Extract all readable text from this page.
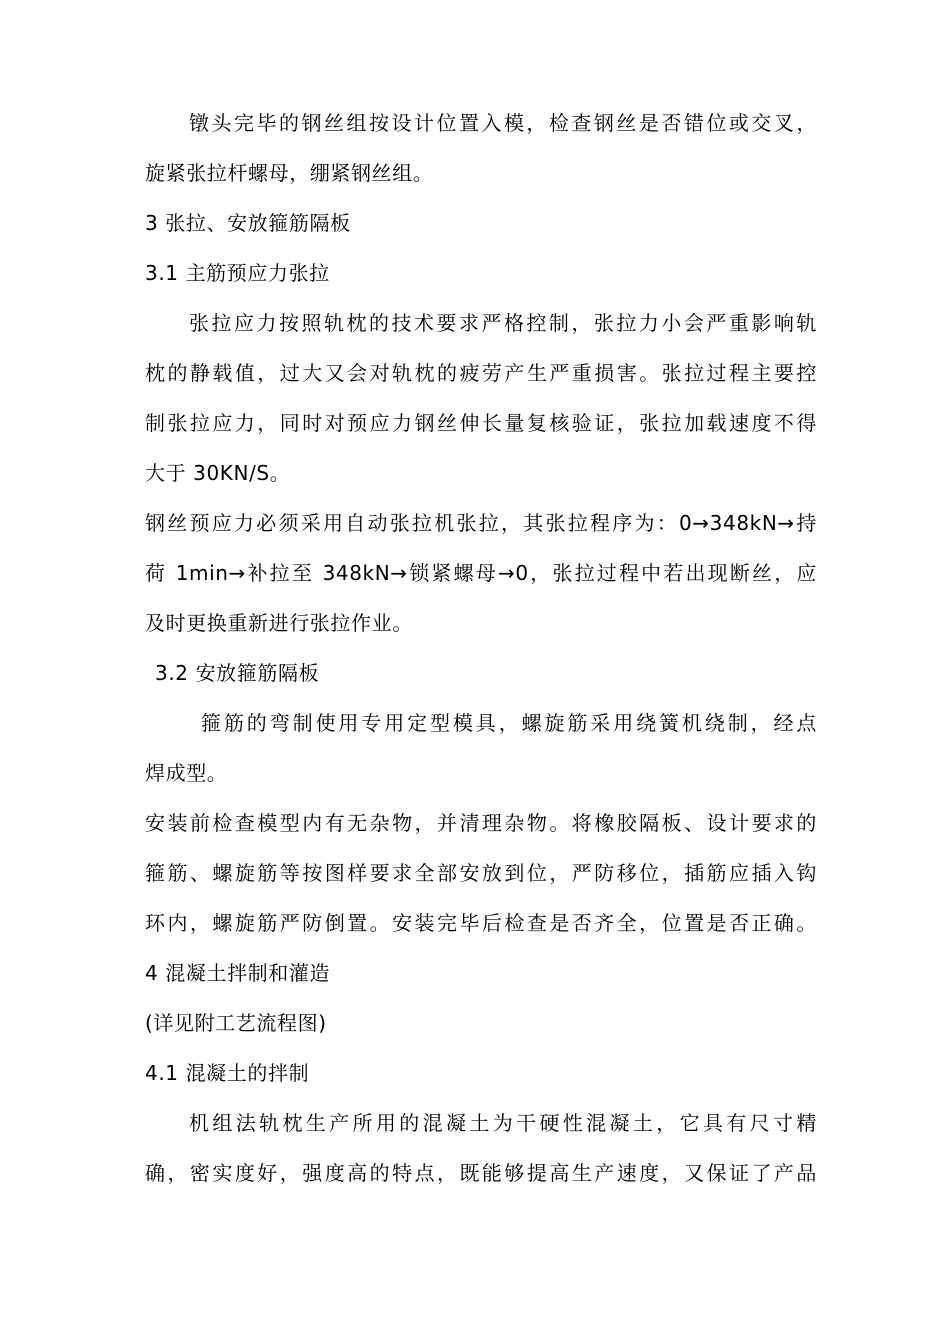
镦头完毕的钢丝组按设计位置入模，检查钢丝是否错位或交叉，
旋紧张拉杆螺母，绷紧钢丝组。
3 张拉、安放箍筋隔板
3.1 主筋预应力张拉
张拉应力按照轨枕的技术要求严格控制，张拉力小会严重影响轨
枕的静载值，过大又会对轨枕的疲劳产生严重损害。张拉过程主要控
制张拉应力，同时对预应力钢丝伸长量复核验证，张拉加载速度不得
大于 30KN/S。
钢丝预应力必须采用自动张拉机张拉，其张拉程序为：0→348kN→持
荷 1min→补拉至 348kN→锁紧螺母→0，张拉过程中若出现断丝，应
及时更换重新进行张拉作业。
3.2 安放箍筋隔板
箍筋的弯制使用专用定型模具，螺旋筋采用绕簧机绕制，经点
焊成型。
安装前检查模型内有无杂物，并清理杂物。将橡胶隔板、设计要求的
箍筋、螺旋筋等按图样要求全部安放到位，严防移位，插筋应插入钩
环内，螺旋筋严防倒置。安装完毕后检查是否齐全，位置是否正确。
4 混凝土拌制和灌造
(详见附工艺流程图)
4.1 混凝土的拌制
机组法轨枕生产所用的混凝土为干硬性混凝土，它具有尺寸精
确，密实度好，强度高的特点，既能够提高生产速度，又保证了产品
